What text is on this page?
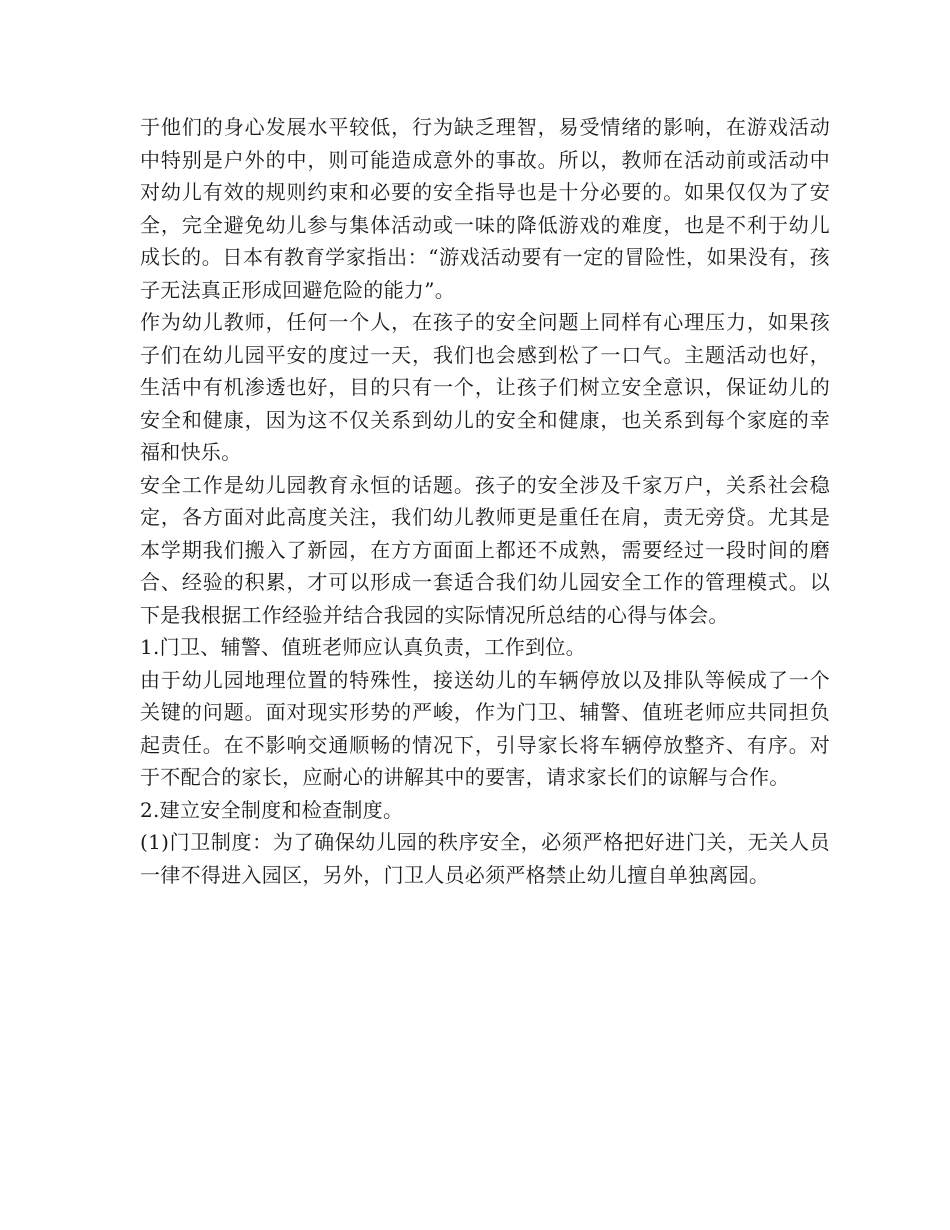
于他们的身心发展水平较低，行为缺乏理智，易受情绪的影响，在游戏活动中特别是户外的中，则可能造成意外的事故。所以，教师在活动前或活动中对幼儿有效的规则约束和必要的安全指导也是十分必要的。如果仅仅为了安全，完全避免幼儿参与集体活动或一味的降低游戏的难度，也是不利于幼儿成长的。日本有教育学家指出：“游戏活动要有一定的冒险性，如果没有，孩子无法真正形成回避危险的能力”。

作为幼儿教师，任何一个人，在孩子的安全问题上同样有心理压力，如果孩子们在幼儿园平安的度过一天，我们也会感到松了一口气。主题活动也好，生活中有机渗透也好，目的只有一个，让孩子们树立安全意识，保证幼儿的安全和健康，因为这不仅关系到幼儿的安全和健康，也关系到每个家庭的幸福和快乐。

安全工作是幼儿园教育永恒的话题。孩子的安全涉及千家万户，关系社会稳定，各方面对此高度关注，我们幼儿教师更是重任在肩，责无旁贷。尤其是本学期我们搬入了新园，在方方面面上都还不成熟，需要经过一段时间的磨合、经验的积累，才可以形成一套适合我们幼儿园安全工作的管理模式。以下是我根据工作经验并结合我园的实际情况所总结的心得与体会。

1.门卫、辅警、值班老师应认真负责，工作到位。

由于幼儿园地理位置的特殊性，接送幼儿的车辆停放以及排队等候成了一个关键的问题。面对现实形势的严峻，作为门卫、辅警、值班老师应共同担负起责任。在不影响交通顺畅的情况下，引导家长将车辆停放整齐、有序。对于不配合的家长，应耐心的讲解其中的要害，请求家长们的谅解与合作。

2.建立安全制度和检查制度。

(1)门卫制度：为了确保幼儿园的秩序安全，必须严格把好进门关，无关人员一律不得进入园区，另外，门卫人员必须严格禁止幼儿擅自单独离园。
